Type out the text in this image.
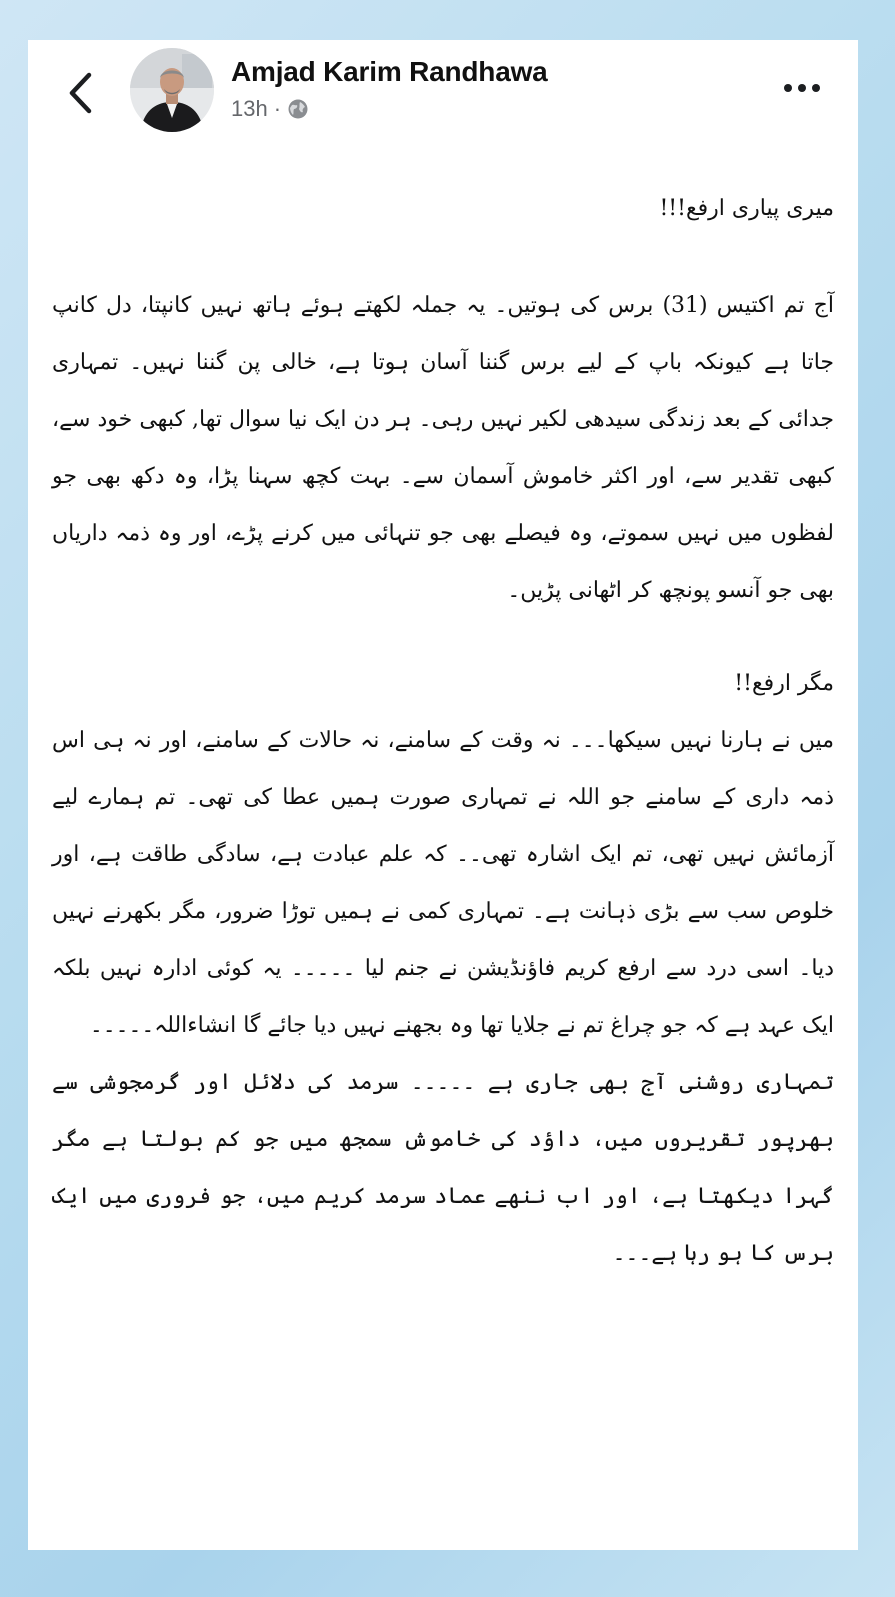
Amjad Karim Randhawa
13h ·

میری پیاری ارفع!!!

آج تم اکتیس (31) برس کی ہوتیں۔ یہ جملہ لکھتے ہوئے ہاتھ نہیں کانپتا، دل کانپ جاتا ہے کیونکہ باپ کے لیے برس گننا آسان ہوتا ہے، خالی پن گننا نہیں۔ تمہاری جدائی کے بعد زندگی سیدھی لکیر نہیں رہی۔ ہر دن ایک نیا سوال تھا, کبھی خود سے، کبھی تقدیر سے، اور اکثر خاموش آسمان سے۔ بہت کچھ سہنا پڑا، وہ دکھ بھی جو لفظوں میں نہیں سموتے، وہ فیصلے بھی جو تنہائی میں کرنے پڑے، اور وہ ذمہ داریاں بھی جو آنسو پونچھ کر اٹھانی پڑیں۔

مگر ارفع!!

میں نے ہارنا نہیں سیکھا۔۔۔ نہ وقت کے سامنے، نہ حالات کے سامنے، اور نہ ہی اس ذمہ داری کے سامنے جو اللہ نے تمہاری صورت ہمیں عطا کی تھی۔ تم ہمارے لیے آزمائش نہیں تھی، تم ایک اشارہ تھی۔۔ کہ علم عبادت ہے، سادگی طاقت ہے، اور خلوص سب سے بڑی ذہانت ہے۔ تمہاری کمی نے ہمیں توڑا ضرور، مگر بکھرنے نہیں دیا۔ اسی درد سے ارفع کریم فاؤنڈیشن نے جنم لیا ۔۔۔۔۔ یہ کوئی ادارہ نہیں بلکہ ایک عہد ہے کہ جو چراغ تم نے جلایا تھا وہ بجھنے نہیں دیا جائے گا انشاءاللہ۔۔۔۔۔

تمہاری روشنی آج بھی جاری ہے ۔۔۔۔۔ سرمد کی دلائل اور گرمجوشی سے بھرپور تقریروں میں، داؤد کی خاموش سمجھ میں جو کم بولتا ہے مگر گہرا دیکھتا ہے، اور اب ننھے عماد سرمد کریم میں، جو فروری میں ایک برس کا ہو رہا ہے۔۔۔
